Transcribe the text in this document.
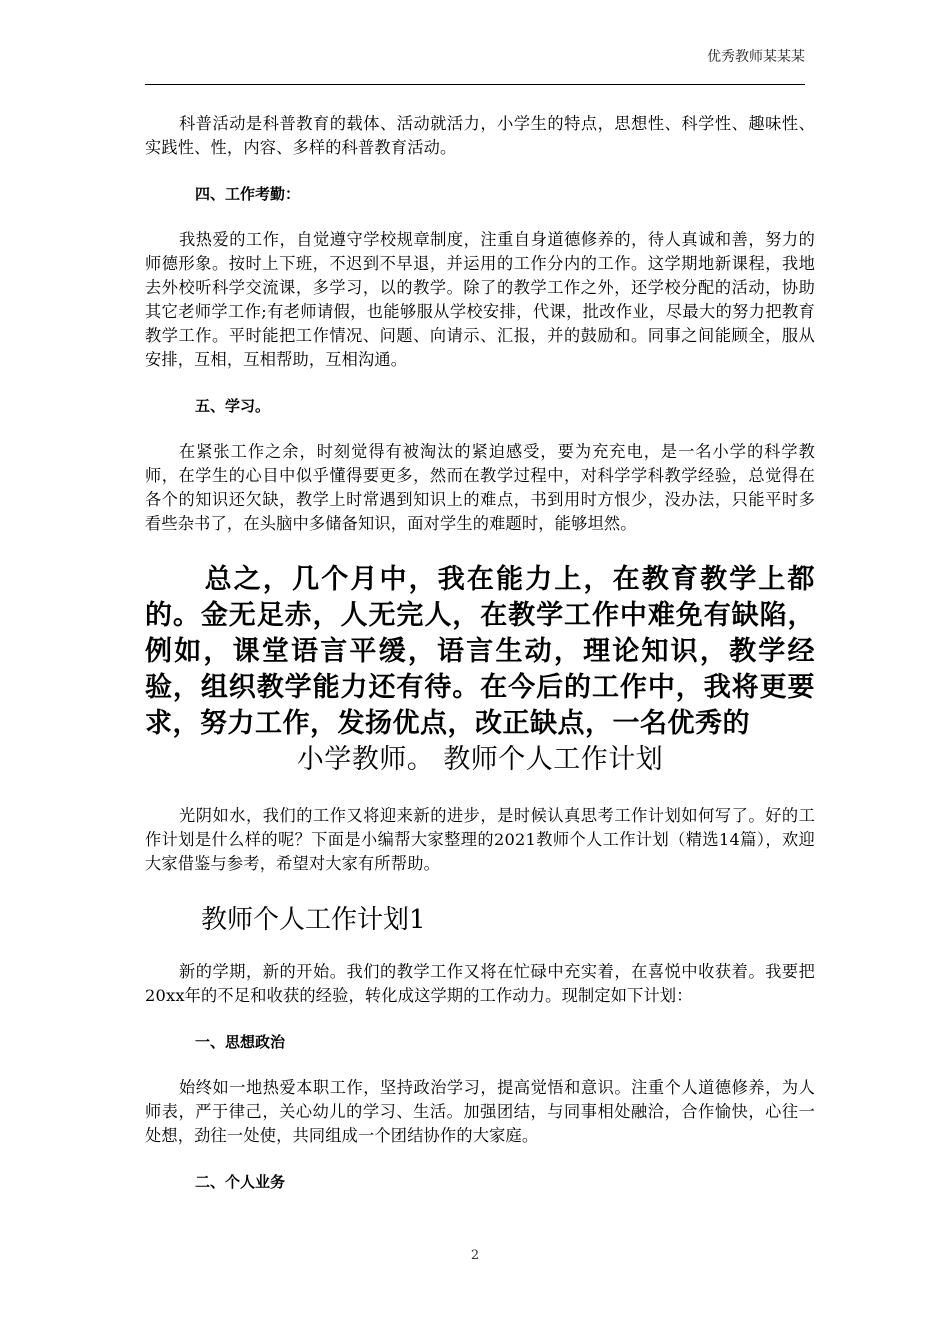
优秀教师某某某

科普活动是科普教育的载体、活动就活力，小学生的特点，思想性、科学性、趣味性、实践性、性，内容、多样的科普教育活动。

四、工作考勤：

我热爱的工作，自觉遵守学校规章制度，注重自身道德修养的，待人真诚和善，努力的师德形象。按时上下班，不迟到不早退，并运用的工作分内的工作。这学期地新课程，我地去外校听科学交流课，多学习，以的教学。除了的教学工作之外，还学校分配的活动，协助其它老师学工作;有老师请假，也能够服从学校安排，代课，批改作业，尽最大的努力把教育教学工作。平时能把工作情况、问题、向请示、汇报，并的鼓励和。同事之间能顾全，服从安排，互相，互相帮助，互相沟通。

五、学习。

在紧张工作之余，时刻觉得有被淘汰的紧迫感受，要为充充电，是一名小学的科学教师，在学生的心目中似乎懂得要更多，然而在教学过程中，对科学学科教学经验，总觉得在各个的知识还欠缺，教学上时常遇到知识上的难点，书到用时方恨少，没办法，只能平时多看些杂书了，在头脑中多储备知识，面对学生的难题时，能够坦然。

总之，几个月中，我在能力上，在教育教学上都的。金无足赤，人无完人，在教学工作中难免有缺陷，例如，课堂语言平缓，语言生动，理论知识，教学经验，组织教学能力还有待。在今后的工作中，我将更要求，努力工作，发扬优点，改正缺点，一名优秀的

小学教师。 教师个人工作计划

光阴如水，我们的工作又将迎来新的进步，是时候认真思考工作计划如何写了。好的工作计划是什么样的呢？下面是小编帮大家整理的2021教师个人工作计划（精选14篇），欢迎大家借鉴与参考，希望对大家有所帮助。

教师个人工作计划1

新的学期，新的开始。我们的教学工作又将在忙碌中充实着，在喜悦中收获着。我要把20xx年的不足和收获的经验，转化成这学期的工作动力。现制定如下计划：

一、思想政治

始终如一地热爱本职工作，坚持政治学习，提高觉悟和意识。注重个人道德修养，为人师表，严于律己，关心幼儿的学习、生活。加强团结，与同事相处融洽，合作愉快，心往一处想，劲往一处使，共同组成一个团结协作的大家庭。

二、个人业务

2
